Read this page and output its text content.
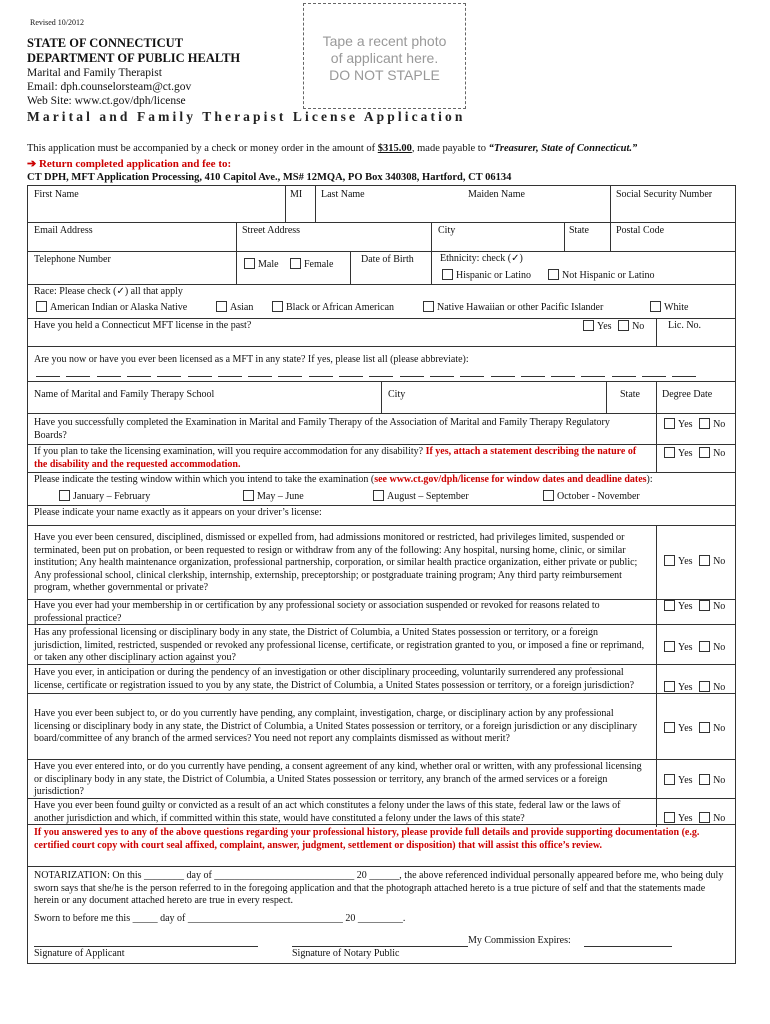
Revised 10/2012
STATE OF CONNECTICUT
DEPARTMENT OF PUBLIC HEALTH
Marital and Family Therapist
Email: dph.counselorsteam@ct.gov
Web Site: www.ct.gov/dph/license
Tape a recent photo
of applicant here.
DO NOT STAPLE
Marital and Family Therapist License Application
This application must be accompanied by a check or money order in the amount of $315.00, made payable to “Treasurer, State of Connecticut.”
➔ Return completed application and fee to:
CT DPH, MFT Application Processing, 410 Capitol Ave., MS# 12MQA, PO Box 340308, Hartford, CT 06134
First Name	MI Last Name	Maiden Name	Social Security Number
Email Address	Street Address	City	State	Postal Code
Telephone Number	Male	Female	Date of Birth	Ethnicity: check (✓)
Hispanic or Latino	Not Hispanic or Latino
Race: Please check (✓) all that apply
American Indian or Alaska Native	Asian	Black or African American	Native Hawaiian or other Pacific Islander	White
Have you held a Connecticut MFT license in the past?	Yes No Lic. No.
Are you now or have you ever been licensed as a MFT in any state? If yes, please list all (please abbreviate):
Name of Marital and Family Therapy School	City	State Degree Date
Have you successfully completed the Examination in Marital and Family Therapy of the Association of Marital and Family Therapy Regulatory Boards?
Yes No
If you plan to take the licensing examination, will you require accommodation for any disability? If yes, attach a statement describing the nature of the disability and the requested accommodation.
Yes No
Please indicate the testing window within which you intend to take the examination (see www.ct.gov/dph/license for window dates and deadline dates):
January – February	May – June	August – September	October - November
Please indicate your name exactly as it appears on your driver’s license:
Have you ever been censured, disciplined, dismissed or expelled from, had admissions monitored or restricted, had privileges limited, suspended or terminated, been put on probation, or been requested to resign or withdraw from any of the following: Any hospital, nursing home, clinic, or similar institution; Any health maintenance organization, professional partnership, corporation, or similar health practice organization, either private or public; Any professional school, clinical clerkship, internship, externship, preceptorship; or postgraduate training program; Any third party reimbursement program, whether governmental or private?
Yes No
Have you ever had your membership in or certification by any professional society or association suspended or revoked for reasons related to professional practice?
Yes No
Has any professional licensing or disciplinary body in any state, the District of Columbia, a United States possession or territory, or a foreign jurisdiction, limited, restricted, suspended or revoked any professional license, certificate, or registration granted to you, or imposed a fine or reprimand, or taken any other disciplinary action against you?
Yes No
Have you ever, in anticipation or during the pendency of an investigation or other disciplinary proceeding, voluntarily surrendered any professional license, certificate or registration issued to you by any state, the District of Columbia, a United States possession or territory, or a foreign jurisdiction?	Yes No
Have you ever been subject to, or do you currently have pending, any complaint, investigation, charge, or disciplinary action by any professional licensing or disciplinary body in any state, the District of Columbia, a United States possession or territory, or a foreign jurisdiction or any disciplinary board/committee of any branch of the armed services? You need not report any complaints dismissed as without merit?
Yes No
Have you ever entered into, or do you currently have pending, a consent agreement of any kind, whether oral or written, with any professional licensing or disciplinary body in any state, the District of Columbia, a United States possession or territory, any branch of the armed services or a foreign jurisdiction?
Yes No
Have you ever been found guilty or convicted as a result of an act which constitutes a felony under the laws of this state, federal law or the laws of another jurisdiction and which, if committed within this state, would have constituted a felony under the laws of this state?	Yes No
If you answered yes to any of the above questions regarding your professional history, please provide full details and provide supporting documentation (e.g. certified court copy with court seal affixed, complaint, answer, judgment, settlement or disposition) that will assist this office’s review.
NOTARIZATION: On this ________ day of ____________________________ 20 ______, the above referenced individual personally appeared before me, who being duly sworn says that she/he is the person referred to in the foregoing application and that the photograph attached hereto is a true picture of self and that the statements made herein or any document attached hereto are true in every respect.
Sworn to before me this _____ day of _______________________________ 20 _________.
My Commission Expires:
Signature of Applicant	Signature of Notary Public
